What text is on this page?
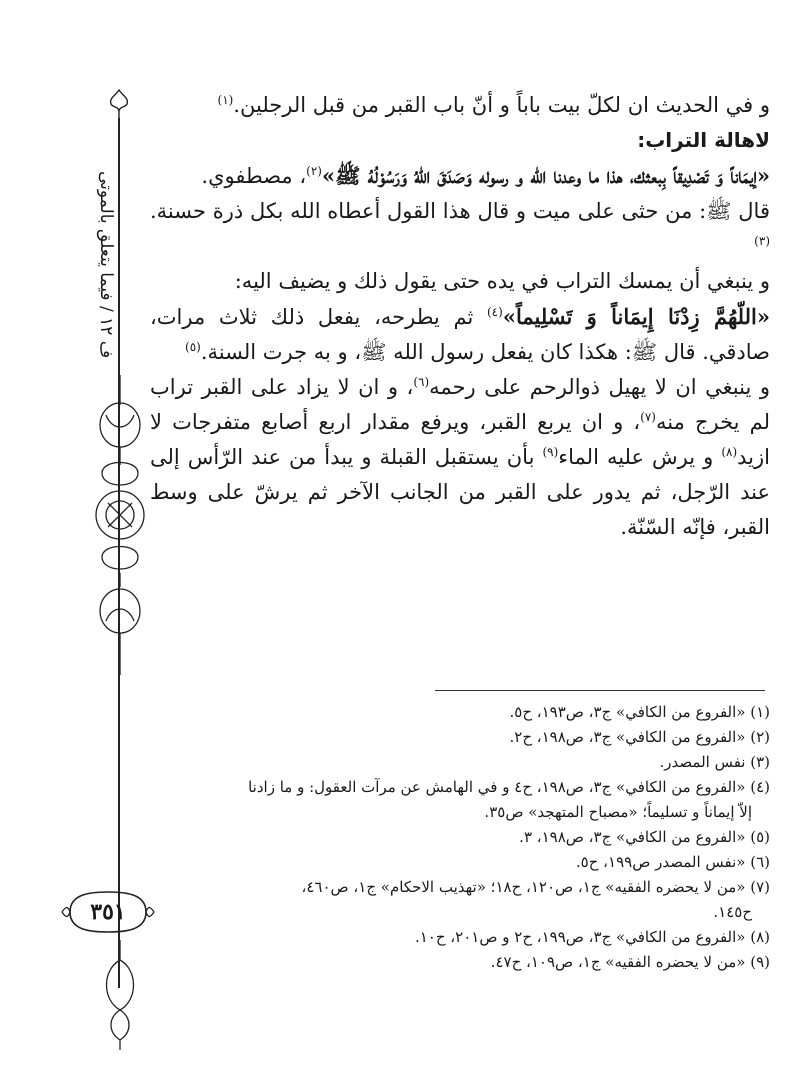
ف ١٢ / فيما يتعلق بالموتى
٣٥١

و في الحديث ان لكلّ بيت باباً و أنّ باب القبر من قبل الرجلين.$^{(١)}$

لاهالة التراب:

«إيمَاناً وَ تَصْدِيقاً بِبعثك، هذا ما وعدنا الله و رسوله وَصَدَقَ اللهُ وَرَسُوْلُهُ ﷺ»$^{(٢)}$، مصطفوي.

قال ﷺ: من حثى على ميت و قال هذا القول أعطاه الله بكل ذرة حسنة.$^{(٣)}$

و ينبغي أن يمسك التراب في يده حتى يقول ذلك و يضيف اليه:

«اللّهُمَّ زِدْنَا إِيمَاناً وَ تَسْلِيماً»$^{(٤)}$ ثم يطرحه، يفعل ذلك ثلاث مرات، صادقي. قال ﷺ: هكذا كان يفعل رسول الله ﷺ، و به جرت السنة.$^{(٥)}$

و ينبغي ان لا يهيل ذوالرحم على رحمه$^{(٦)}$، و ان لا يزاد على القبر تراب لم يخرج منه$^{(٧)}$، و ان يربع القبر، ويرفع مقدار اربع أصابع متفرجات لا ازيد$^{(٨)}$ و يرش عليه الماء$^{(٩)}$ بأن يستقبل القبلة و يبدأ من عند الرّأس إلى عند الرّجل، ثم يدور على القبر من الجانب الآخر ثم يرشّ على وسط القبر، فإنّه السّنّة.

(١) «الفروع من الكافي» ج٣، ص١٩٣، ح٥.
(٢) «الفروع من الكافي» ج٣، ص١٩٨، ح٢.
(٣) نفس المصدر.
(٤) «الفروع من الكافي» ج٣، ص١٩٨، ح٤ و في الهامش عن مرآت العقول: و ما زادنا
إلاّ إيماناً و تسليماً؛ «مصباح المتهجد» ص٣٥.
(٥) «الفروع من الكافي» ج٣، ص١٩٨، ٣.
(٦) «نفس المصدر ص١٩٩، ح٥.
(٧) «من لا يحضره الفقيه» ج١، ص١٢٠، ح١٨؛ «تهذيب الاحكام» ج١، ص٤٦٠،
ح١٤٥.
(٨) «الفروع من الكافي» ج٣، ص١٩٩، ح٢ و ص٢٠١، ح١٠.
(٩) «من لا يحضره الفقيه» ج١، ص١٠٩، ح٤٧.
